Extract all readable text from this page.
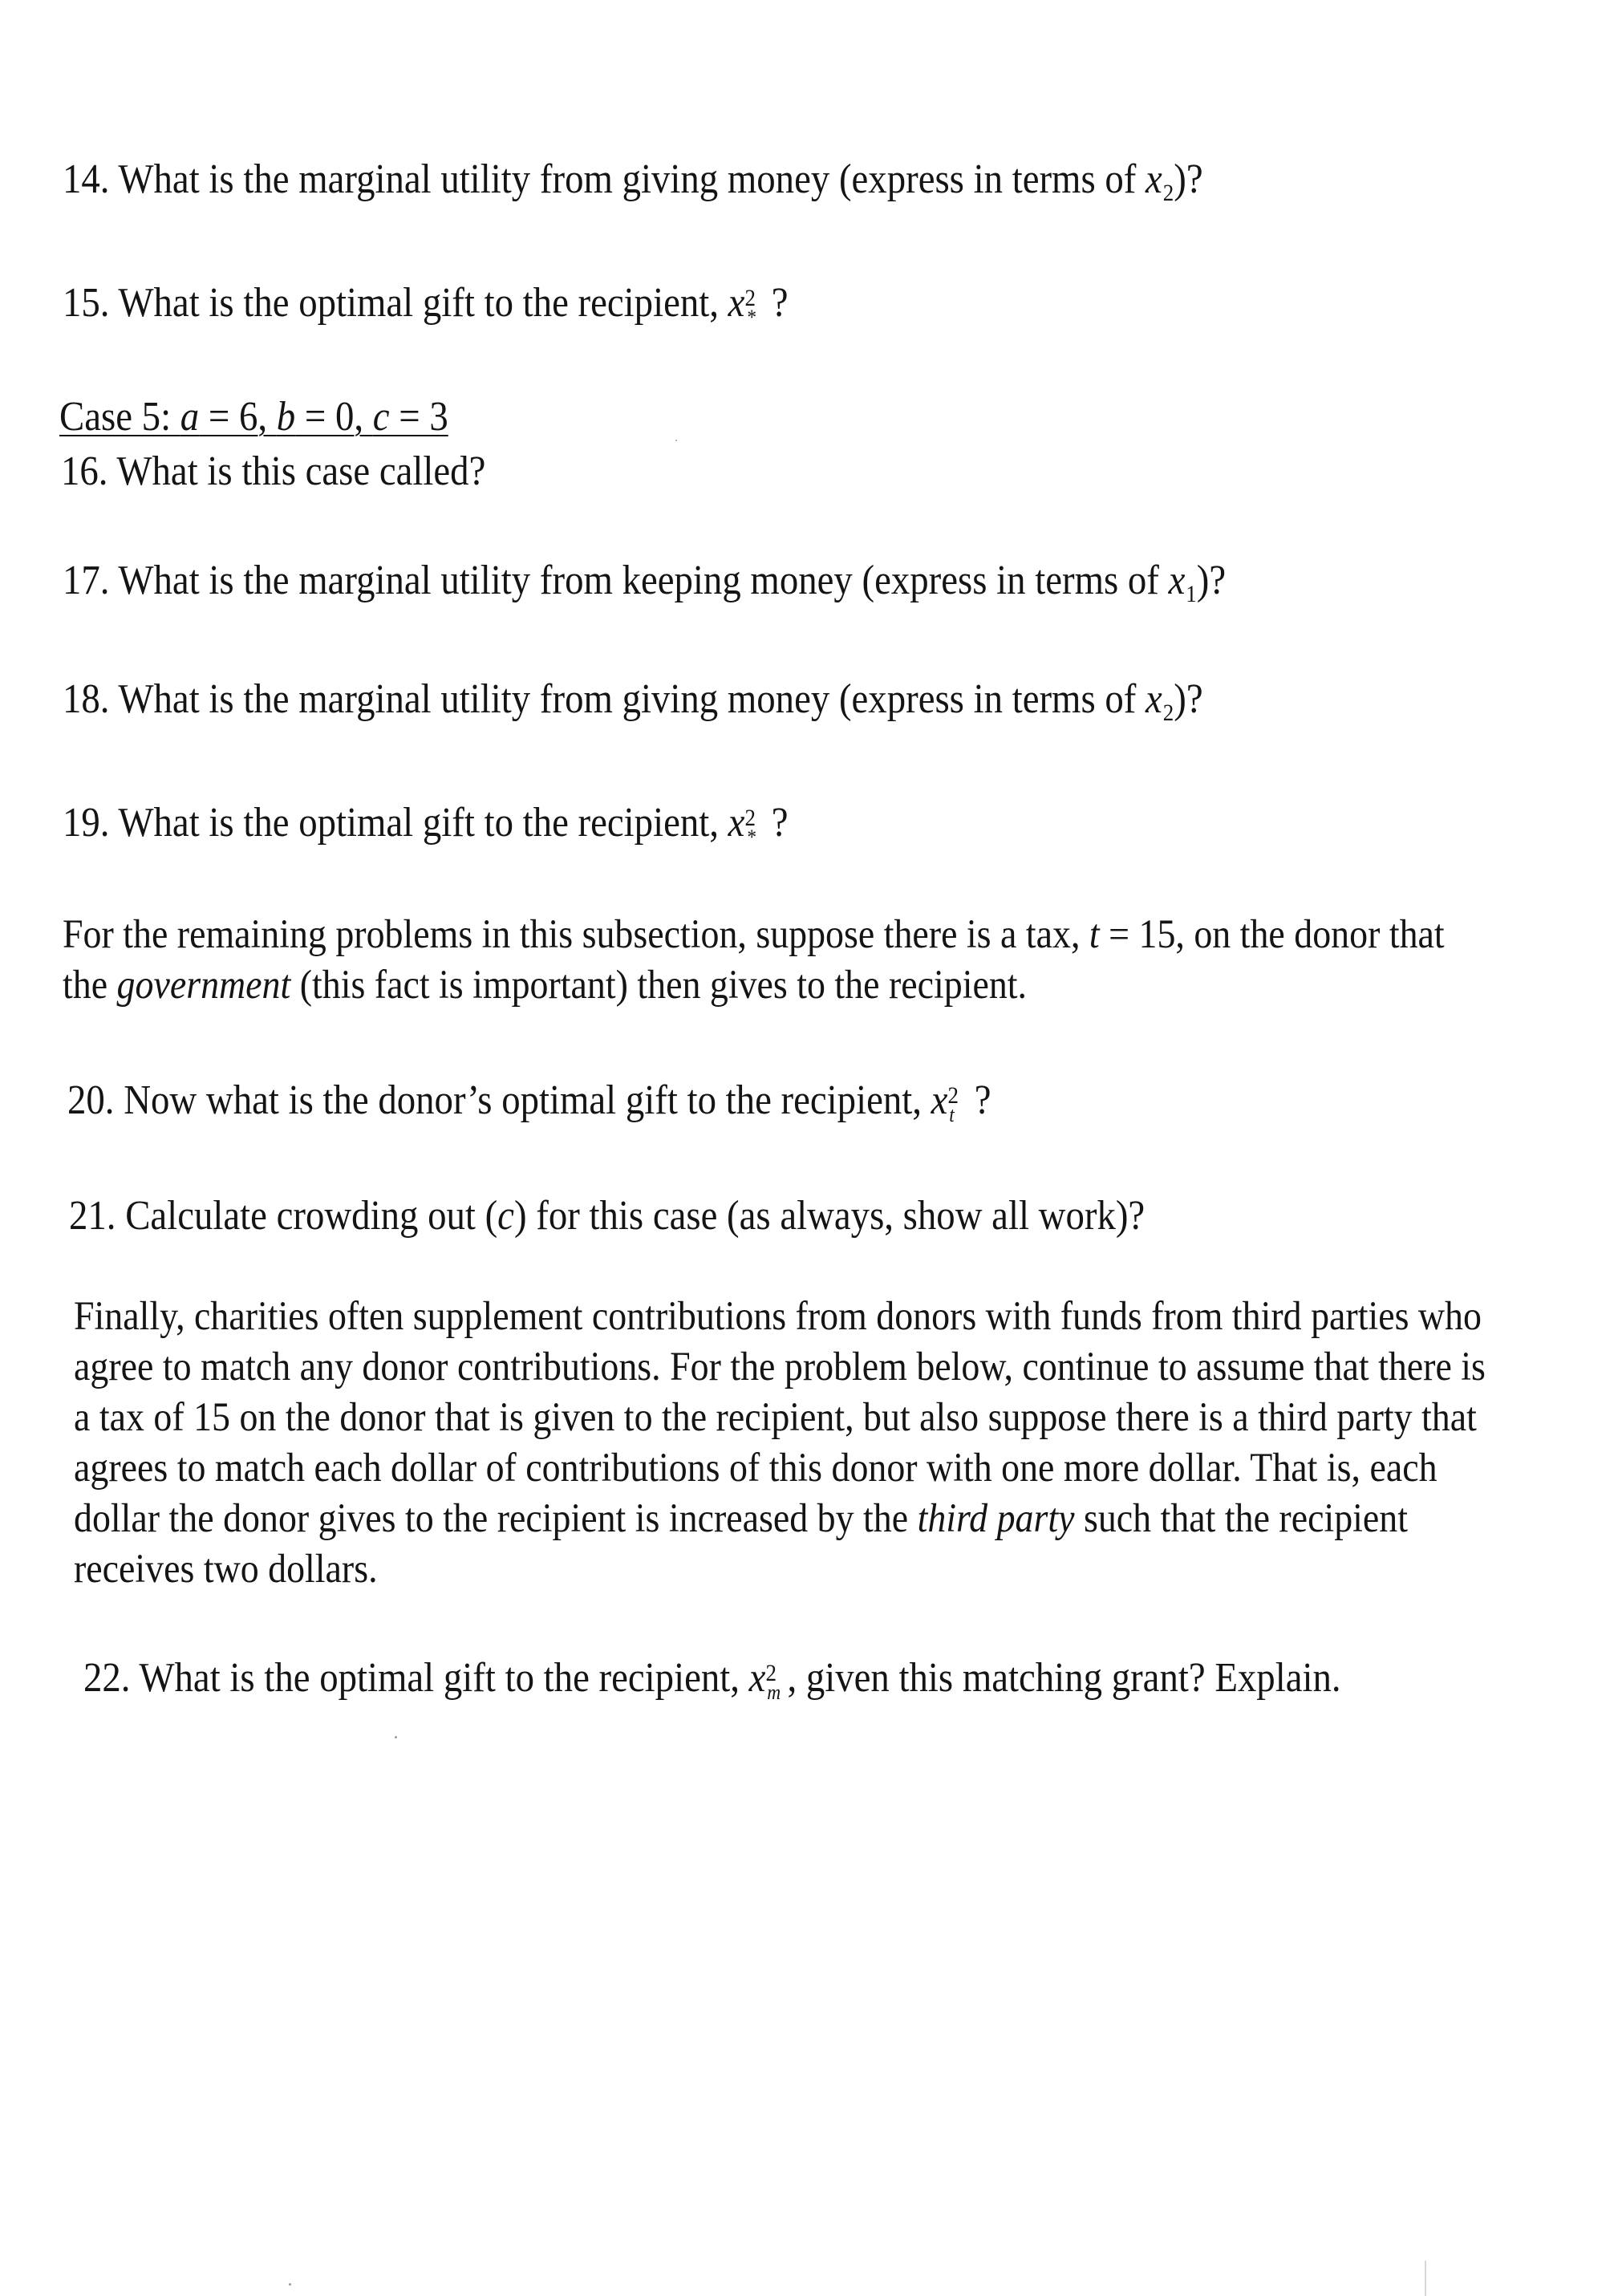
14. What is the marginal utility from giving money (express in terms of $x_2$)?
15. What is the optimal gift to the recipient, x 2
* ?
Case 5: a = 6, b = 0, c = 3
16. What is this case called?
17. What is the marginal utility from keeping money (express in terms of $x_1$)?
18. What is the marginal utility from giving money (express in terms of $x_2$)?
19. What is the optimal gift to the recipient, x 2
* ?

For the remaining problems in this subsection, suppose there is a tax, t = 15, on the donor that

the government (this fact is important) then gives to the recipient.

20. Now what is the donor’s optimal gift to the recipient, x 2
t ?
21. Calculate crowding out (c) for this case (as always, show all work)?

Finally, charities often supplement contributions from donors with funds from third parties who

agree to match any donor contributions. For the problem below, continue to assume that there is

a tax of 15 on the donor that is given to the recipient, but also suppose there is a third party that

agrees to match each dollar of contributions of this donor with one more dollar. That is, each

dollar the donor gives to the recipient is increased by the third party such that the recipient

receives two dollars.

22. What is the optimal gift to the recipient, x 2
m , given this matching grant? Explain.
